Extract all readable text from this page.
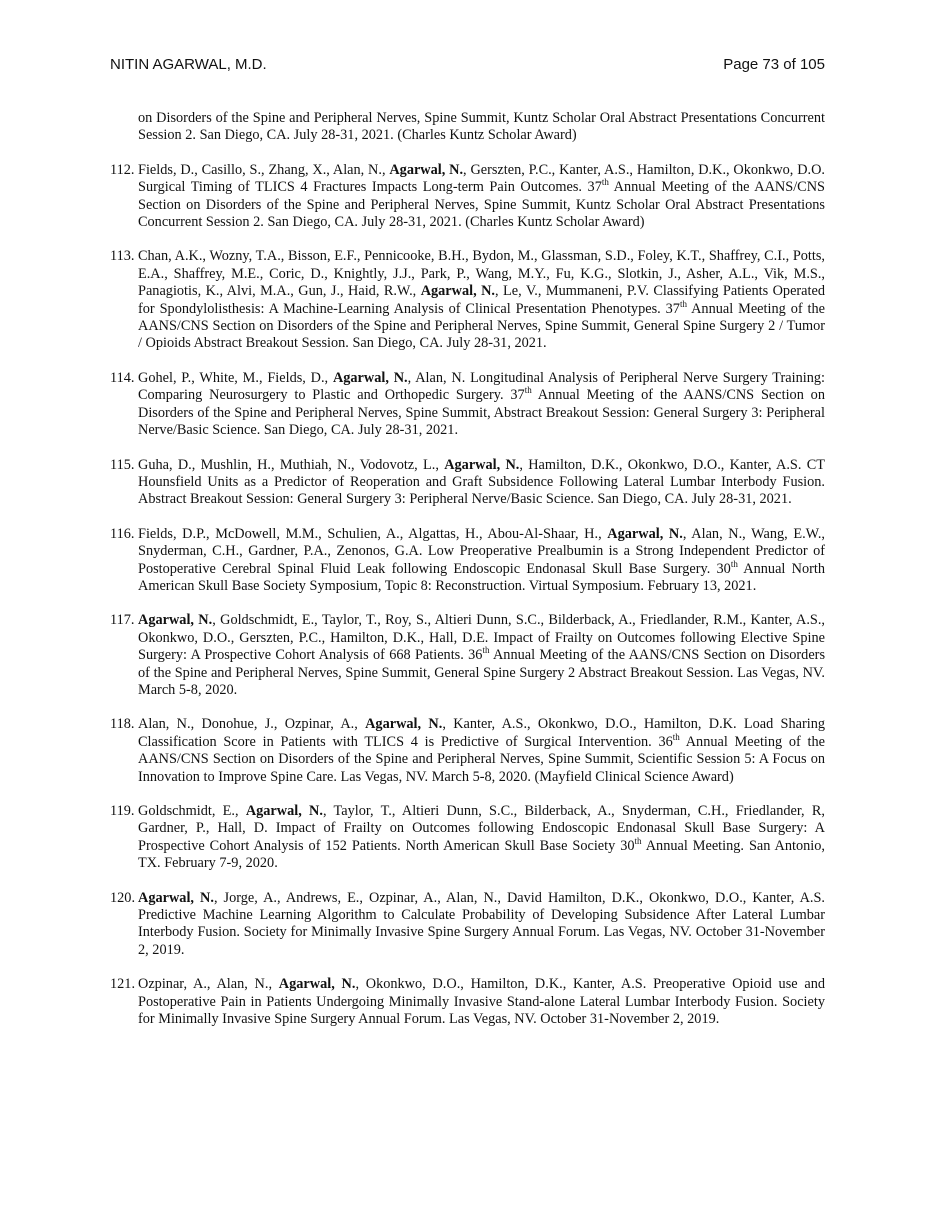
NITIN AGARWAL, M.D.	Page 73 of 105
on Disorders of the Spine and Peripheral Nerves, Spine Summit, Kuntz Scholar Oral Abstract Presentations Concurrent Session 2. San Diego, CA. July 28-31, 2021. (Charles Kuntz Scholar Award)
112. Fields, D., Casillo, S., Zhang, X., Alan, N., Agarwal, N., Gerszten, P.C., Kanter, A.S., Hamilton, D.K., Okonkwo, D.O. Surgical Timing of TLICS 4 Fractures Impacts Long-term Pain Outcomes. 37th Annual Meeting of the AANS/CNS Section on Disorders of the Spine and Peripheral Nerves, Spine Summit, Kuntz Scholar Oral Abstract Presentations Concurrent Session 2. San Diego, CA. July 28-31, 2021. (Charles Kuntz Scholar Award)
113. Chan, A.K., Wozny, T.A., Bisson, E.F., Pennicooke, B.H., Bydon, M., Glassman, S.D., Foley, K.T., Shaffrey, C.I., Potts, E.A., Shaffrey, M.E., Coric, D., Knightly, J.J., Park, P., Wang, M.Y., Fu, K.G., Slotkin, J., Asher, A.L., Vik, M.S., Panagiotis, K., Alvi, M.A., Gun, J., Haid, R.W., Agarwal, N., Le, V., Mummaneni, P.V. Classifying Patients Operated for Spondylolisthesis: A Machine-Learning Analysis of Clinical Presentation Phenotypes. 37th Annual Meeting of the AANS/CNS Section on Disorders of the Spine and Peripheral Nerves, Spine Summit, General Spine Surgery 2 / Tumor / Opioids Abstract Breakout Session. San Diego, CA. July 28-31, 2021.
114. Gohel, P., White, M., Fields, D., Agarwal, N., Alan, N. Longitudinal Analysis of Peripheral Nerve Surgery Training: Comparing Neurosurgery to Plastic and Orthopedic Surgery. 37th Annual Meeting of the AANS/CNS Section on Disorders of the Spine and Peripheral Nerves, Spine Summit, Abstract Breakout Session: General Surgery 3: Peripheral Nerve/Basic Science. San Diego, CA. July 28-31, 2021.
115. Guha, D., Mushlin, H., Muthiah, N., Vodovotz, L., Agarwal, N., Hamilton, D.K., Okonkwo, D.O., Kanter, A.S. CT Hounsfield Units as a Predictor of Reoperation and Graft Subsidence Following Lateral Lumbar Interbody Fusion. Abstract Breakout Session: General Surgery 3: Peripheral Nerve/Basic Science. San Diego, CA. July 28-31, 2021.
116. Fields, D.P., McDowell, M.M., Schulien, A., Algattas, H., Abou-Al-Shaar, H., Agarwal, N., Alan, N., Wang, E.W., Snyderman, C.H., Gardner, P.A., Zenonos, G.A. Low Preoperative Prealbumin is a Strong Independent Predictor of Postoperative Cerebral Spinal Fluid Leak following Endoscopic Endonasal Skull Base Surgery. 30th Annual North American Skull Base Society Symposium, Topic 8: Reconstruction. Virtual Symposium. February 13, 2021.
117. Agarwal, N., Goldschmidt, E., Taylor, T., Roy, S., Altieri Dunn, S.C., Bilderback, A., Friedlander, R.M., Kanter, A.S., Okonkwo, D.O., Gerszten, P.C., Hamilton, D.K., Hall, D.E. Impact of Frailty on Outcomes following Elective Spine Surgery: A Prospective Cohort Analysis of 668 Patients. 36th Annual Meeting of the AANS/CNS Section on Disorders of the Spine and Peripheral Nerves, Spine Summit, General Spine Surgery 2 Abstract Breakout Session. Las Vegas, NV. March 5-8, 2020.
118. Alan, N., Donohue, J., Ozpinar, A., Agarwal, N., Kanter, A.S., Okonkwo, D.O., Hamilton, D.K. Load Sharing Classification Score in Patients with TLICS 4 is Predictive of Surgical Intervention. 36th Annual Meeting of the AANS/CNS Section on Disorders of the Spine and Peripheral Nerves, Spine Summit, Scientific Session 5: A Focus on Innovation to Improve Spine Care. Las Vegas, NV. March 5-8, 2020. (Mayfield Clinical Science Award)
119. Goldschmidt, E., Agarwal, N., Taylor, T., Altieri Dunn, S.C., Bilderback, A., Snyderman, C.H., Friedlander, R, Gardner, P., Hall, D. Impact of Frailty on Outcomes following Endoscopic Endonasal Skull Base Surgery: A Prospective Cohort Analysis of 152 Patients. North American Skull Base Society 30th Annual Meeting. San Antonio, TX. February 7-9, 2020.
120. Agarwal, N., Jorge, A., Andrews, E., Ozpinar, A., Alan, N., David Hamilton, D.K., Okonkwo, D.O., Kanter, A.S. Predictive Machine Learning Algorithm to Calculate Probability of Developing Subsidence After Lateral Lumbar Interbody Fusion. Society for Minimally Invasive Spine Surgery Annual Forum. Las Vegas, NV. October 31-November 2, 2019.
121. Ozpinar, A., Alan, N., Agarwal, N., Okonkwo, D.O., Hamilton, D.K., Kanter, A.S. Preoperative Opioid use and Postoperative Pain in Patients Undergoing Minimally Invasive Stand-alone Lateral Lumbar Interbody Fusion. Society for Minimally Invasive Spine Surgery Annual Forum. Las Vegas, NV. October 31-November 2, 2019.
